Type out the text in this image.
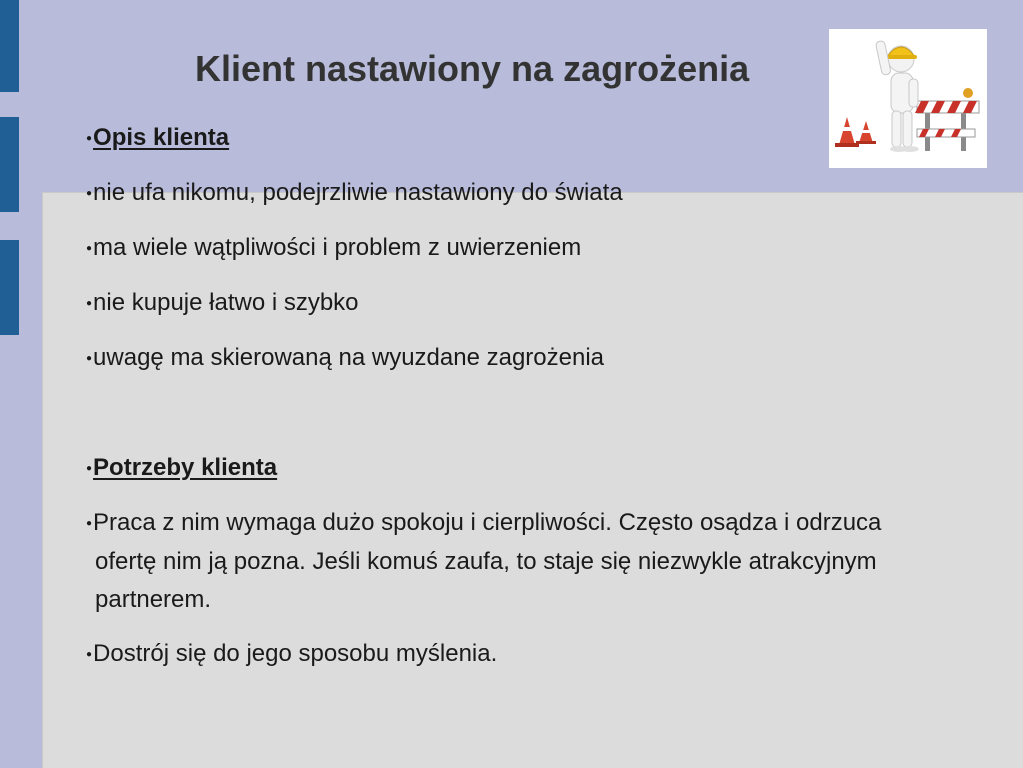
Klient nastawiony na zagrożenia
●Opis klienta
●nie ufa nikomu, podejrzliwie nastawiony do świata
●ma wiele wątpliwości i problem z uwierzeniem
●nie kupuje łatwo i szybko
●uwagę ma skierowaną na wyuzdane zagrożenia
●Potrzeby klienta

●Praca z nim wymaga dużo spokoju i cierpliwości. Często osądza i odrzuca ofertę nim ją pozna. Jeśli komuś zaufa, to staje się niezwykle atrakcyjnym partnerem.

●Dostrój się do jego sposobu myślenia.
